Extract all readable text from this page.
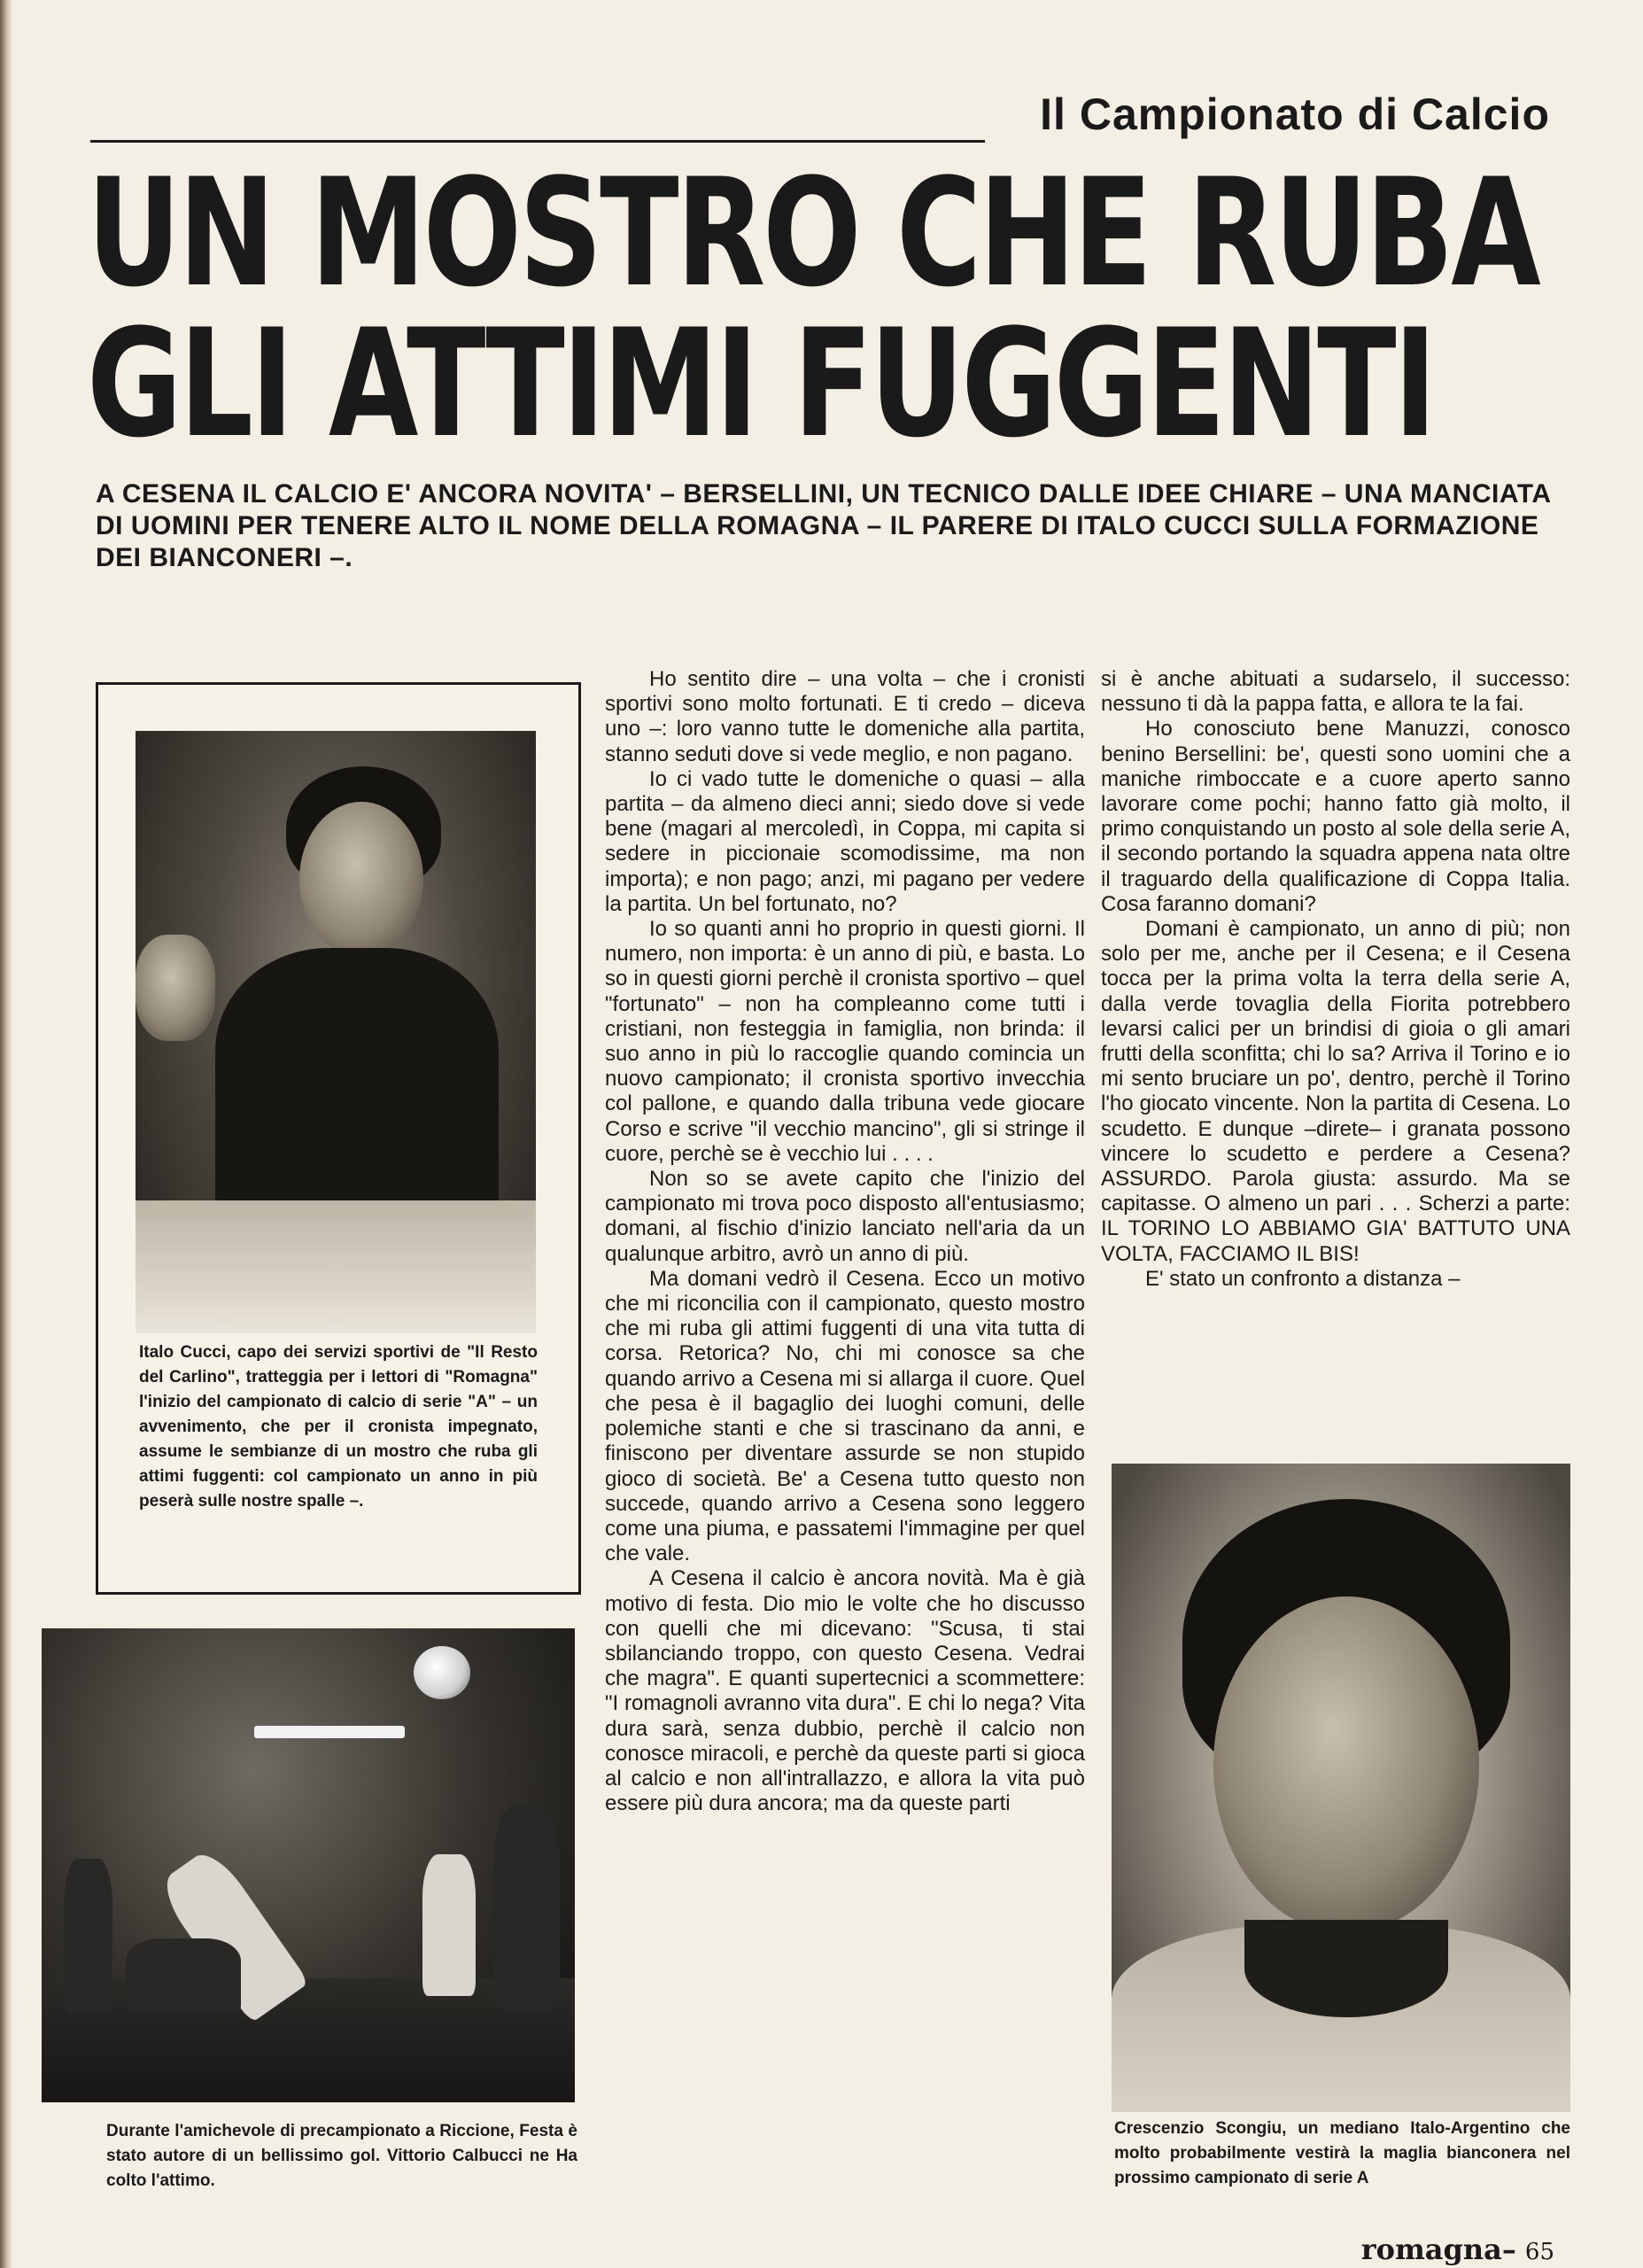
Il Campionato di Calcio
UN MOSTRO CHE RUBA
GLI ATTIMI FUGGENTI
A CESENA IL CALCIO E' ANCORA NOVITA' – BERSELLINI, UN TECNICO DALLE IDEE CHIARE – UNA MANCIATA DI UOMINI PER TENERE ALTO IL NOME DELLA ROMAGNA – IL PARERE DI ITALO CUCCI SULLA FORMAZIONE DEI BIANCONERI –.
Italo Cucci, capo dei servizi sportivi de "Il Resto del Carlino", tratteggia per i lettori di "Romagna" l'inizio del campionato di calcio di serie "A" – un avvenimento, che per il cronista impegnato, assume le sembianze di un mostro che ruba gli attimi fuggenti: col campionato un anno in più peserà sulle nostre spalle –.
Durante l'amichevole di precampionato a Riccione, Festa è stato autore di un bellissimo gol. Vittorio Calbucci ne Ha colto l'attimo.

Ho sentito dire – una volta – che i cronisti sportivi sono molto fortunati. E ti credo – diceva uno –: loro vanno tutte le domeniche alla partita, stanno seduti dove si vede meglio, e non pagano.

Io ci vado tutte le domeniche o quasi – alla partita – da almeno dieci anni; siedo dove si vede bene (magari al mercoledì, in Coppa, mi capita si sedere in piccionaie scomodissime, ma non importa); e non pago; anzi, mi pagano per vedere la partita. Un bel fortunato, no?

Io so quanti anni ho proprio in questi giorni. Il numero, non importa: è un anno di più, e basta. Lo so in questi giorni perchè il cronista sportivo – quel "fortunato" – non ha compleanno come tutti i cristiani, non festeggia in famiglia, non brinda: il suo anno in più lo raccoglie quando comincia un nuovo campionato; il cronista sportivo invecchia col pallone, e quando dalla tribuna vede giocare Corso e scrive "il vecchio mancino", gli si stringe il cuore, perchè se è vecchio lui . . . .

Non so se avete capito che l'inizio del campionato mi trova poco disposto all'entusiasmo; domani, al fischio d'inizio lanciato nell'aria da un qualunque arbitro, avrò un anno di più.

Ma domani vedrò il Cesena. Ecco un motivo che mi riconcilia con il campionato, questo mostro che mi ruba gli attimi fuggenti di una vita tutta di corsa. Retorica? No, chi mi conosce sa che quando arrivo a Cesena mi si allarga il cuore. Quel che pesa è il bagaglio dei luoghi comuni, delle polemiche stanti e che si trascinano da anni, e finiscono per diventare assurde se non stupido gioco di società. Be' a Cesena tutto questo non succede, quando arrivo a Cesena sono leggero come una piuma, e passatemi l'immagine per quel che vale.

A Cesena il calcio è ancora novità. Ma è già motivo di festa. Dio mio le volte che ho discusso con quelli che mi dicevano: "Scusa, ti stai sbilanciando troppo, con questo Cesena. Vedrai che magra". E quanti supertecnici a scommettere: "I romagnoli avranno vita dura". E chi lo nega? Vita dura sarà, senza dubbio, perchè il calcio non conosce miracoli, e perchè da queste parti si gioca al calcio e non all'intrallazzo, e allora la vita può essere più dura ancora; ma da queste parti

si è anche abituati a sudarselo, il successo: nessuno ti dà la pappa fatta, e allora te la fai.

Ho conosciuto bene Manuzzi, conosco benino Bersellini: be', questi sono uomini che a maniche rimboccate e a cuore aperto sanno lavorare come pochi; hanno fatto già molto, il primo conquistando un posto al sole della serie A, il secondo portando la squadra appena nata oltre il traguardo della qualificazione di Coppa Italia. Cosa faranno domani?

Domani è campionato, un anno di più; non solo per me, anche per il Cesena; e il Cesena tocca per la prima volta la terra della serie A, dalla verde tovaglia della Fiorita potrebbero levarsi calici per un brindisi di gioia o gli amari frutti della sconfitta; chi lo sa? Arriva il Torino e io mi sento bruciare un po', dentro, perchè il Torino l'ho giocato vincente. Non la partita di Cesena. Lo scudetto. E dunque –direte– i granata possono vincere lo scudetto e perdere a Cesena? ASSURDO. Parola giusta: assurdo. Ma se capitasse. O almeno un pari . . . Scherzi a parte: IL TORINO LO ABBIAMO GIA' BATTUTO UNA VOLTA, FACCIAMO IL BIS!

E' stato un confronto a distanza –

Crescenzio Scongiu, un mediano Italo-Argentino che molto probabilmente vestirà la maglia bianconera nel prossimo campionato di serie A
romagna– 65
